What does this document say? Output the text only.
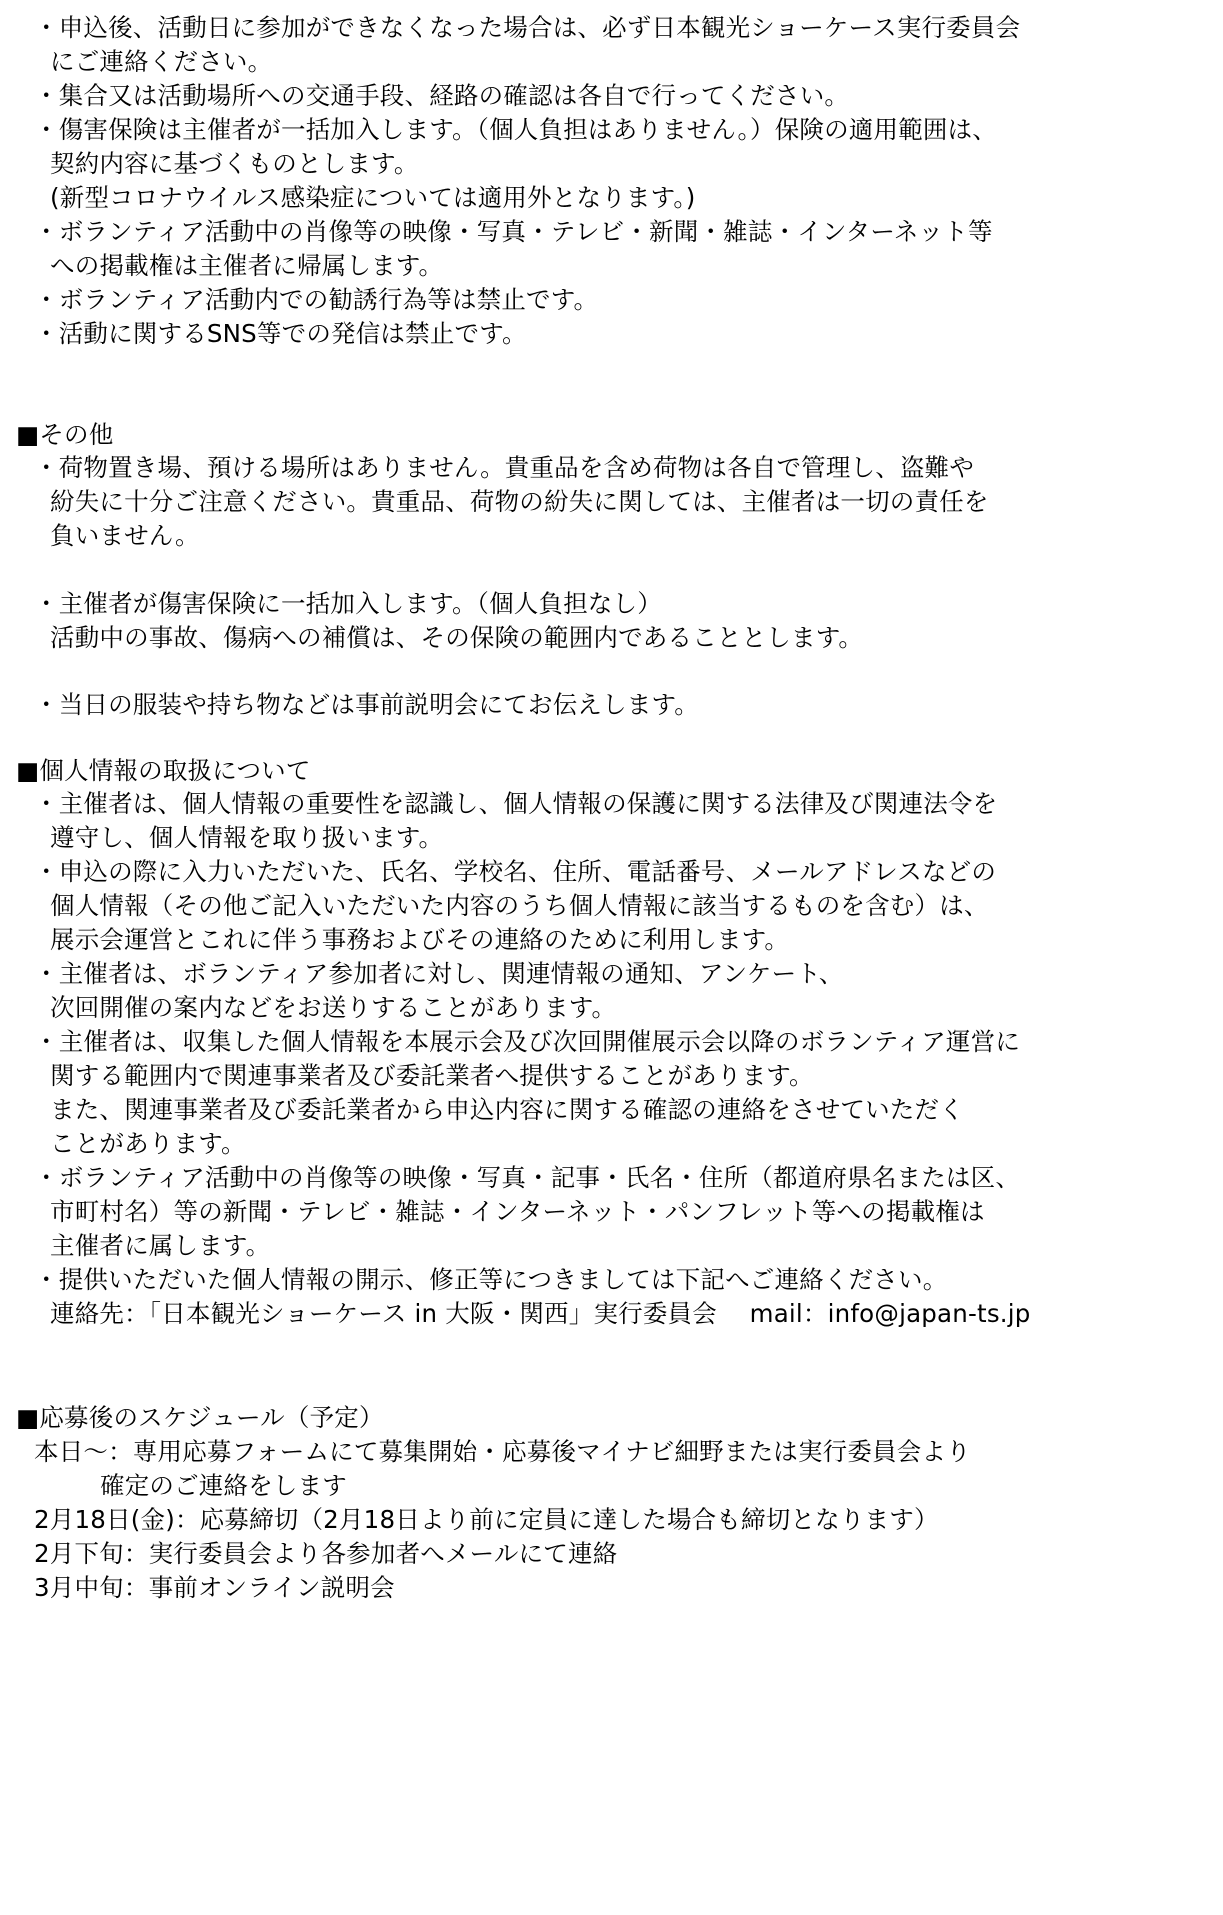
・申込後、活動日に参加ができなくなった場合は、必ず日本観光ショーケース実行委員会
にご連絡ください。
・集合又は活動場所への交通手段、経路の確認は各自で行ってください。
・傷害保険は主催者が一括加入します。（個人負担はありません。）保険の適用範囲は、
契約内容に基づくものとします。
(新型コロナウイルス感染症については適用外となります。)
・ボランティア活動中の肖像等の映像・写真・テレビ・新聞・雑誌・インターネット等
への掲載権は主催者に帰属します。
・ボランティア活動内での勧誘行為等は禁止です。
・活動に関するSNS等での発信は禁止です。
■その他
・荷物置き場、預ける場所はありません。貴重品を含め荷物は各自で管理し、盗難や
紛失に十分ご注意ください。貴重品、荷物の紛失に関しては、主催者は一切の責任を
負いません。
・主催者が傷害保険に一括加入します。（個人負担なし）
活動中の事故、傷病への補償は、その保険の範囲内であることとします。
・当日の服装や持ち物などは事前説明会にてお伝えします。
■個人情報の取扱について
・主催者は、個人情報の重要性を認識し、個人情報の保護に関する法律及び関連法令を
遵守し、個人情報を取り扱います。
・申込の際に入力いただいた、氏名、学校名、住所、電話番号、メールアドレスなどの
個人情報（その他ご記入いただいた内容のうち個人情報に該当するものを含む）は、
展示会運営とこれに伴う事務およびその連絡のために利用します。
・主催者は、ボランティア参加者に対し、関連情報の通知、アンケート、
次回開催の案内などをお送りすることがあります。
・主催者は、収集した個人情報を本展示会及び次回開催展示会以降のボランティア運営に
関する範囲内で関連事業者及び委託業者へ提供することがあります。
また、関連事業者及び委託業者から申込内容に関する確認の連絡をさせていただく
ことがあります。
・ボランティア活動中の肖像等の映像・写真・記事・氏名・住所（都道府県名または区、
市町村名）等の新聞・テレビ・雑誌・インターネット・パンフレット等への掲載権は
主催者に属します。
・提供いただいた個人情報の開示、修正等につきましては下記へご連絡ください。
連絡先：「日本観光ショーケース in 大阪・関西」実行委員会　 mail：info@japan-ts.jp
■応募後のスケジュール（予定）
本日～：専用応募フォームにて募集開始・応募後マイナビ細野または実行委員会より
確定のご連絡をします
2月18日(金)：応募締切（2月18日より前に定員に達した場合も締切となります）
2月下旬：実行委員会より各参加者へメールにて連絡
3月中旬：事前オンライン説明会
